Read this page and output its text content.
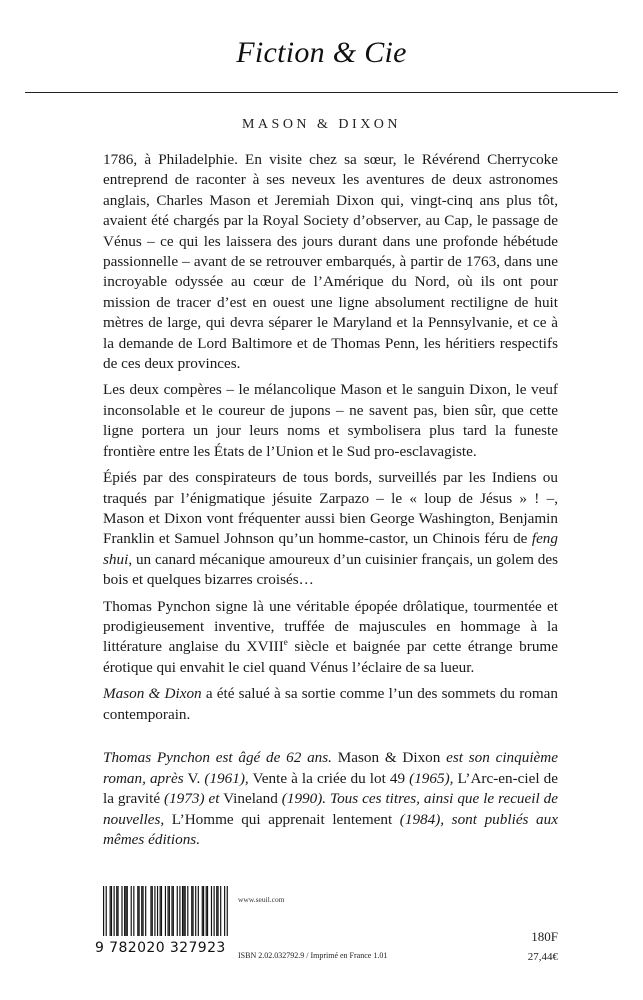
Fiction & Cie
MASON & DIXON

1786, à Philadelphie. En visite chez sa sœur, le Révérend Cherrycoke entreprend de raconter à ses neveux les aventures de deux astronomes anglais, Charles Mason et Jeremiah Dixon qui, vingt-cinq ans plus tôt, avaient été chargés par la Royal Society d’observer, au Cap, le passage de Vénus – ce qui les laissera des jours durant dans une profonde hébétude passionnelle – avant de se retrouver embarqués, à partir de 1763, dans une incroyable odyssée au cœur de l’Amérique du Nord, où ils ont pour mission de tracer d’est en ouest une ligne absolument rectiligne de huit mètres de large, qui devra séparer le Maryland et la Pennsylvanie, et ce à la demande de Lord Baltimore et de Thomas Penn, les héritiers respectifs de ces deux provinces.

Les deux compères – le mélancolique Mason et le sanguin Dixon, le veuf inconsolable et le coureur de jupons – ne savent pas, bien sûr, que cette ligne portera un jour leurs noms et symbolisera plus tard la funeste frontière entre les États de l’Union et le Sud pro-esclavagiste.

Épiés par des conspirateurs de tous bords, surveillés par les Indiens ou traqués par l’énigmatique jésuite Zarpazo – le « loup de Jésus » ! –, Mason et Dixon vont fréquenter aussi bien George Washington, Benjamin Franklin et Samuel Johnson qu’un homme-castor, un Chinois féru de feng shui, un canard mécanique amoureux d’un cuisinier français, un golem des bois et quelques bizarres croisés…

Thomas Pynchon signe là une véritable épopée drôlatique, tourmentée et prodigieusement inventive, truffée de majuscules en hommage à la littérature anglaise du XVIIIe siècle et baignée par cette étrange brume érotique qui envahit le ciel quand Vénus l’éclaire de sa lueur.

Mason & Dixon a été salué à sa sortie comme l’un des sommets du roman contemporain.

Thomas Pynchon est âgé de 62 ans. Mason & Dixon est son cinquième roman, après V. (1961), Vente à la criée du lot 49 (1965), L’Arc-en-ciel de la gravité (1973) et Vineland (1990). Tous ces titres, ainsi que le recueil de nouvelles, L’Homme qui apprenait lentement (1984), sont publiés aux mêmes éditions.
9 782020 327923
www.seuil.com
ISBN 2.02.032792.9 / Imprimé en France 1.01
180F
27,44€
